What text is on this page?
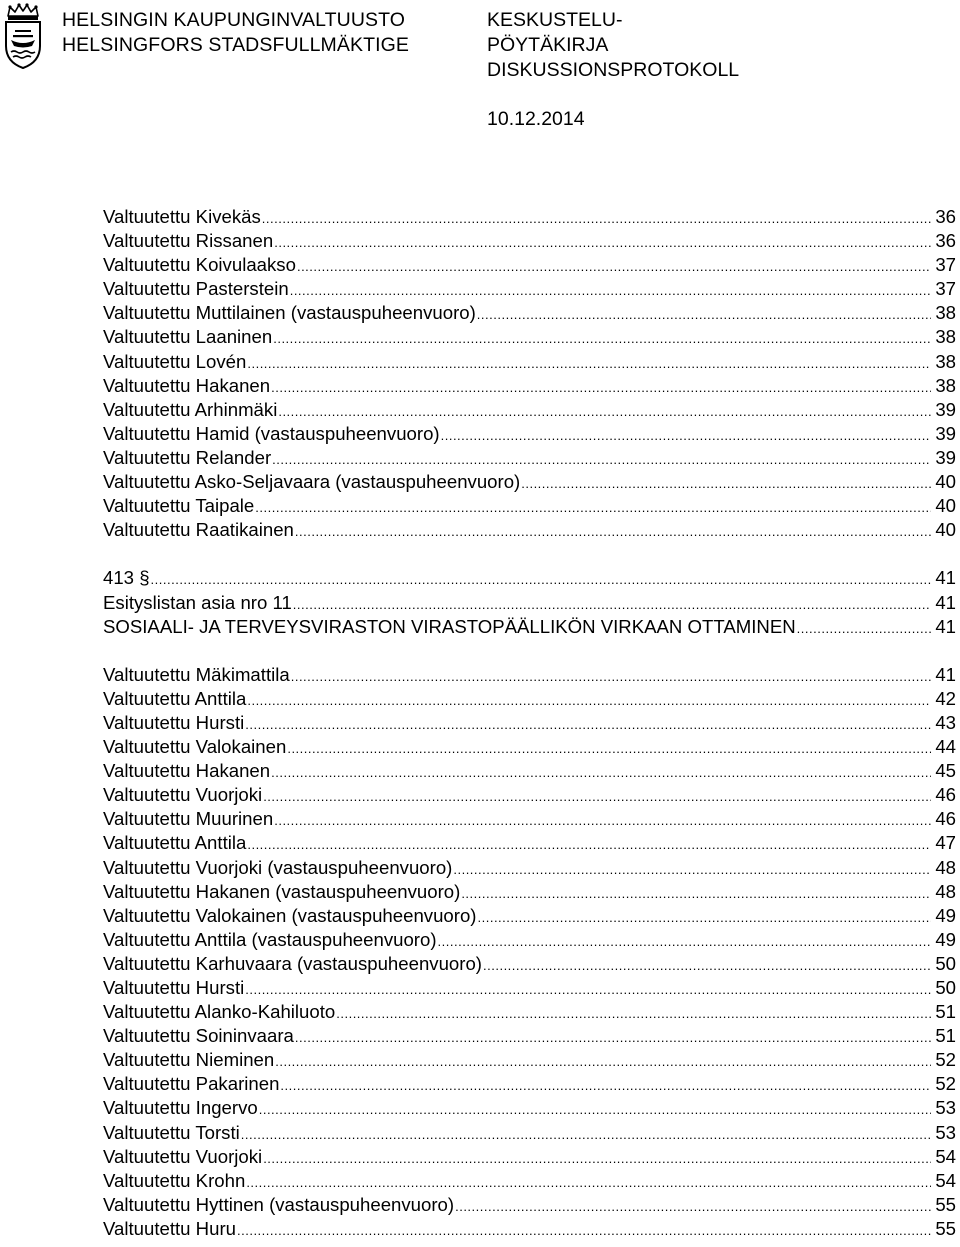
HELSINGIN KAUPUNGINVALTUUSTO
HELSINGFORS STADSFULLMÄKTIGE
KESKUSTELU-
PÖYTÄKIRJA
DISKUSSIONSPROTOKOLL
10.12.2014
Valtuutettu Kivekäs .....	36
Valtuutettu Rissanen .....	36
Valtuutettu Koivulaakso .....	37
Valtuutettu Pasterstein .....	37
Valtuutettu Muttilainen (vastauspuheenvuoro) .....	38
Valtuutettu Laaninen .....	38
Valtuutettu Lovén .....	38
Valtuutettu Hakanen .....	38
Valtuutettu Arhinmäki .....	39
Valtuutettu Hamid (vastauspuheenvuoro) .....	39
Valtuutettu Relander .....	39
Valtuutettu Asko-Seljavaara (vastauspuheenvuoro) .....	40
Valtuutettu Taipale .....	40
Valtuutettu Raatikainen .....	40
413 § .....	41
Esityslistan asia nro 11 .....	41
SOSIAALI- JA TERVEYSVIRASTON VIRASTOPÄÄLLIKÖN VIRKAAN OTTAMINEN .....	41
Valtuutettu Mäkimattila .....	41
Valtuutettu Anttila .....	42
Valtuutettu Hursti .....	43
Valtuutettu Valokainen .....	44
Valtuutettu Hakanen .....	45
Valtuutettu Vuorjoki .....	46
Valtuutettu Muurinen .....	46
Valtuutettu Anttila .....	47
Valtuutettu Vuorjoki (vastauspuheenvuoro) .....	48
Valtuutettu Hakanen (vastauspuheenvuoro) .....	48
Valtuutettu Valokainen (vastauspuheenvuoro) .....	49
Valtuutettu Anttila (vastauspuheenvuoro) .....	49
Valtuutettu Karhuvaara (vastauspuheenvuoro) .....	50
Valtuutettu Hursti .....	50
Valtuutettu Alanko-Kahiluoto .....	51
Valtuutettu Soininvaara .....	51
Valtuutettu Nieminen .....	52
Valtuutettu Pakarinen .....	52
Valtuutettu Ingervo .....	53
Valtuutettu Torsti .....	53
Valtuutettu Vuorjoki .....	54
Valtuutettu Krohn .....	54
Valtuutettu Hyttinen (vastauspuheenvuoro) .....	55
Valtuutettu Huru .....	55
